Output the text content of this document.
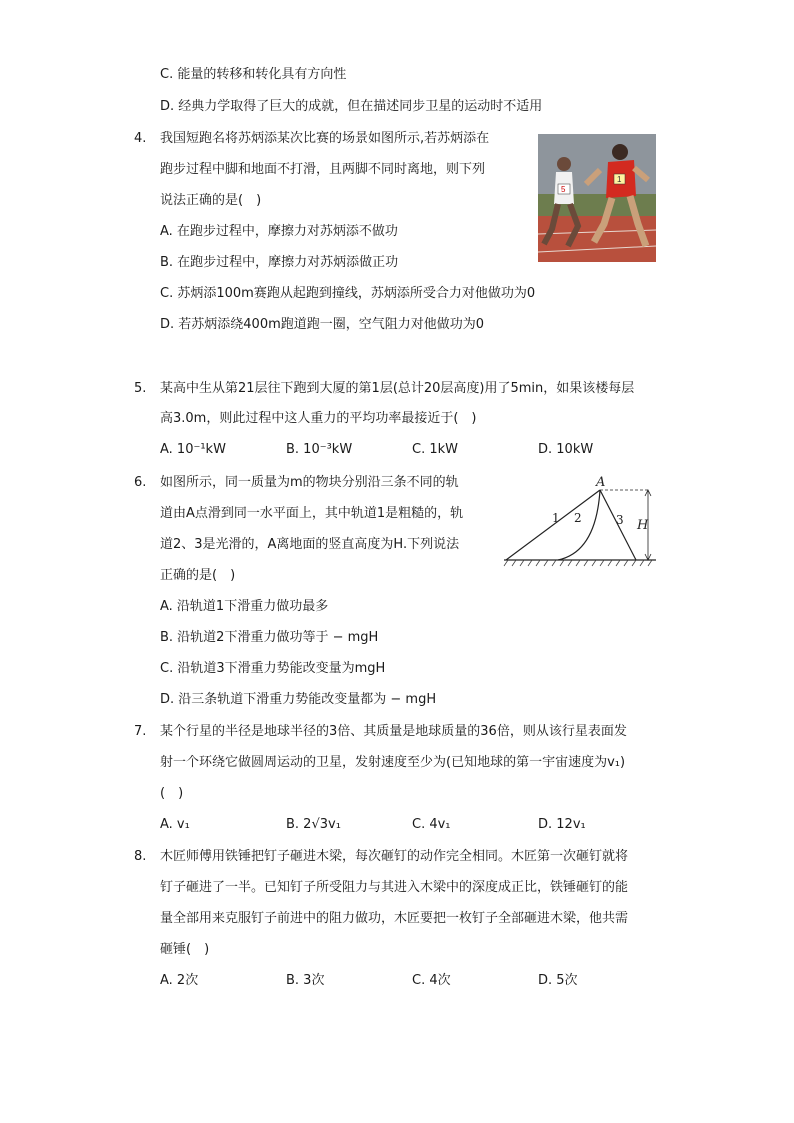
C. 能量的转移和转化具有方向性
D. 经典力学取得了巨大的成就，但在描述同步卫星的运动时不适用
4. 我国短跑名将苏炳添某次比赛的场景如图所示,若苏炳添在
跑步过程中脚和地面不打滑，且两脚不同时离地，则下列
说法正确的是(　)
A. 在跑步过程中，摩擦力对苏炳添不做功
B. 在跑步过程中，摩擦力对苏炳添做正功
C. 苏炳添100m赛跑从起跑到撞线，苏炳添所受合力对他做功为0
D. 若苏炳添绕400m跑道跑一圈，空气阻力对他做功为0
5
1
5. 某高中生从第21层往下跑到大厦的第1层(总计20层高度)用了5min，如果该楼每层
高3.0m，则此过程中这人重力的平均功率最接近于(　)
A. 10⁻¹kW	B. 10⁻³kW	C. 1kW	D. 10kW
6. 如图所示，同一质量为m的物块分别沿三条不同的轨
道由A点滑到同一水平面上，其中轨道1是粗糙的，轨
道2、3是光滑的，A离地面的竖直高度为H.下列说法
正确的是(　)
A. 沿轨道1下滑重力做功最多
B. 沿轨道2下滑重力做功等于 − mgH
C. 沿轨道3下滑重力势能改变量为mgH
D. 沿三条轨道下滑重力势能改变量都为 − mgH
A
H
1 2	3
7. 某个行星的半径是地球半径的3倍、其质量是地球质量的36倍，则从该行星表面发
射一个环绕它做圆周运动的卫星，发射速度至少为(已知地球的第一宇宙速度为v₁)
(　)
A. v₁	B. 2√3v₁	C. 4v₁	D. 12v₁
8. 木匠师傅用铁锤把钉子砸进木梁，每次砸钉的动作完全相同。木匠第一次砸钉就将
钉子砸进了一半。已知钉子所受阻力与其进入木梁中的深度成正比，铁锤砸钉的能
量全部用来克服钉子前进中的阻力做功，木匠要把一枚钉子全部砸进木梁，他共需
砸锤(　)
A. 2次	B. 3次	C. 4次	D. 5次
